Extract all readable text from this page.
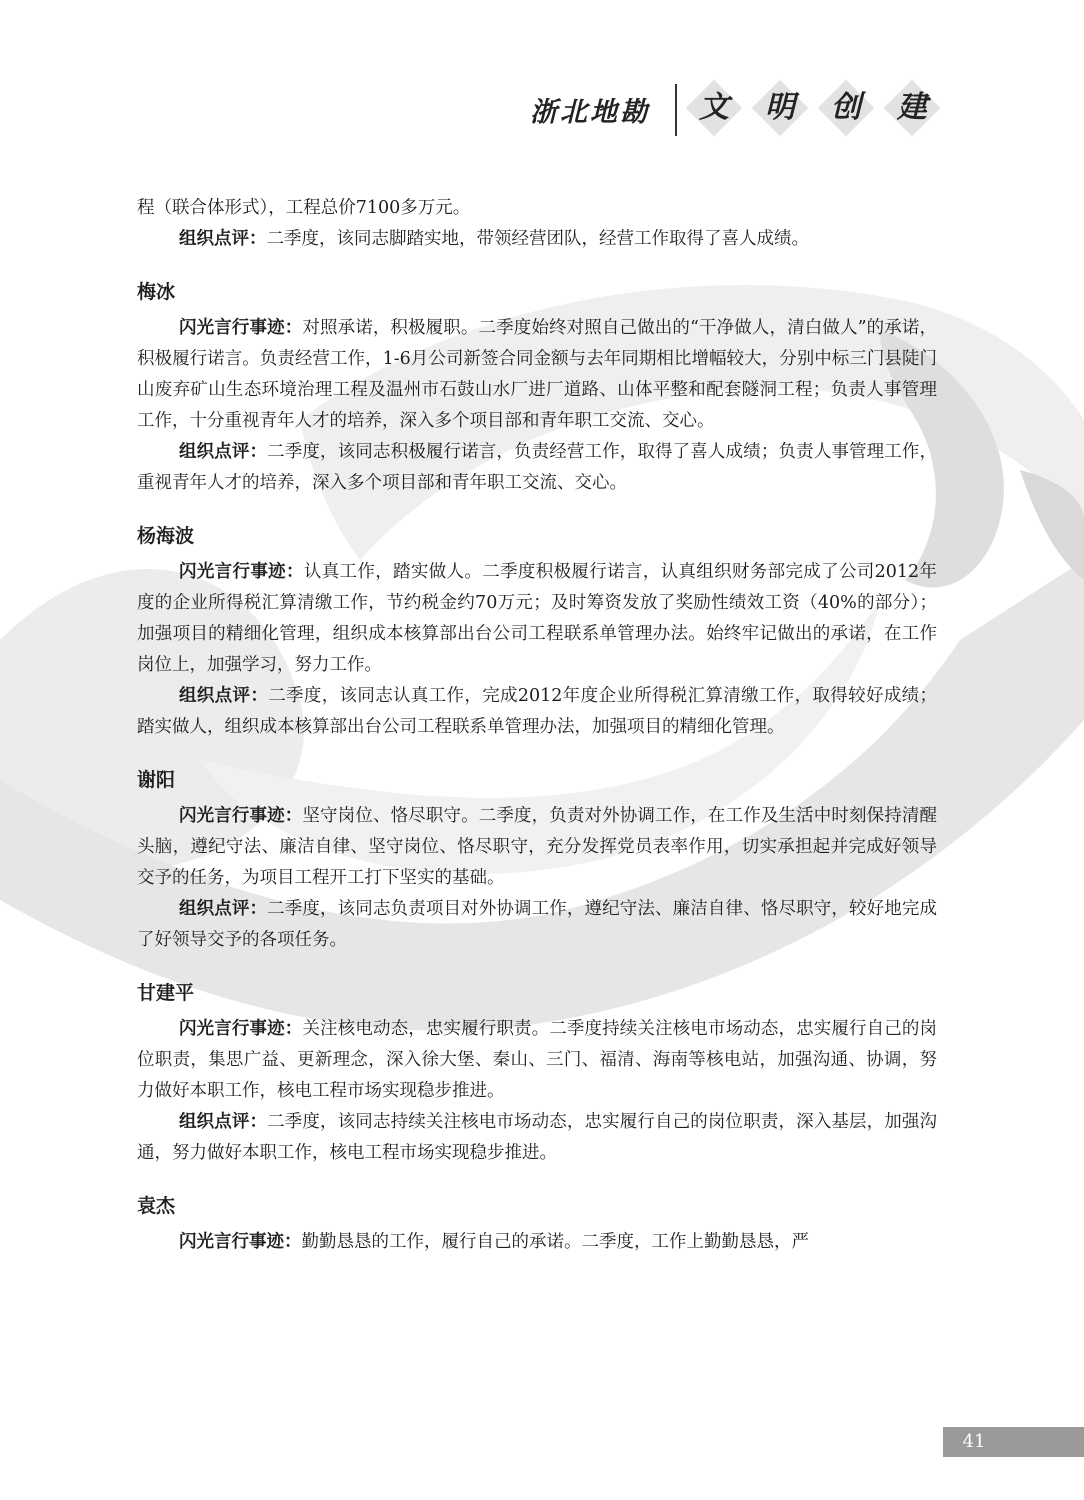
浙北地勘	文	明	创	建

程（联合体形式），工程总价7100多万元。

组织点评：二季度，该同志脚踏实地，带领经营团队，经营工作取得了喜人成绩。

梅冰

闪光言行事迹：对照承诺，积极履职。二季度始终对照自己做出的“干净做人，清白做人”的承诺，积极履行诺言。负责经营工作，1-6月公司新签合同金额与去年同期相比增幅较大，分别中标三门县陡门山废弃矿山生态环境治理工程及温州市石鼓山水厂进厂道路、山体平整和配套隧洞工程；负责人事管理工作，十分重视青年人才的培养，深入多个项目部和青年职工交流、交心。

组织点评：二季度，该同志积极履行诺言，负责经营工作，取得了喜人成绩；负责人事管理工作，重视青年人才的培养，深入多个项目部和青年职工交流、交心。

杨海波

闪光言行事迹：认真工作，踏实做人。二季度积极履行诺言，认真组织财务部完成了公司2012年度的企业所得税汇算清缴工作，节约税金约70万元；及时筹资发放了奖励性绩效工资（40%的部分）；加强项目的精细化管理，组织成本核算部出台公司工程联系单管理办法。始终牢记做出的承诺，在工作岗位上，加强学习，努力工作。

组织点评：二季度，该同志认真工作，完成2012年度企业所得税汇算清缴工作，取得较好成绩；踏实做人，组织成本核算部出台公司工程联系单管理办法，加强项目的精细化管理。

谢阳

闪光言行事迹：坚守岗位、恪尽职守。二季度，负责对外协调工作，在工作及生活中时刻保持清醒头脑，遵纪守法、廉洁自律、坚守岗位、恪尽职守，充分发挥党员表率作用，切实承担起并完成好领导交予的任务，为项目工程开工打下坚实的基础。

组织点评：二季度，该同志负责项目对外协调工作，遵纪守法、廉洁自律、恪尽职守，较好地完成了好领导交予的各项任务。

甘建平

闪光言行事迹：关注核电动态，忠实履行职责。二季度持续关注核电市场动态，忠实履行自己的岗位职责，集思广益、更新理念，深入徐大堡、秦山、三门、福清、海南等核电站，加强沟通、协调，努力做好本职工作，核电工程市场实现稳步推进。

组织点评：二季度，该同志持续关注核电市场动态，忠实履行自己的岗位职责，深入基层，加强沟通，努力做好本职工作，核电工程市场实现稳步推进。

袁杰

闪光言行事迹：勤勤恳恳的工作，履行自己的承诺。二季度，工作上勤勤恳恳，严

41
